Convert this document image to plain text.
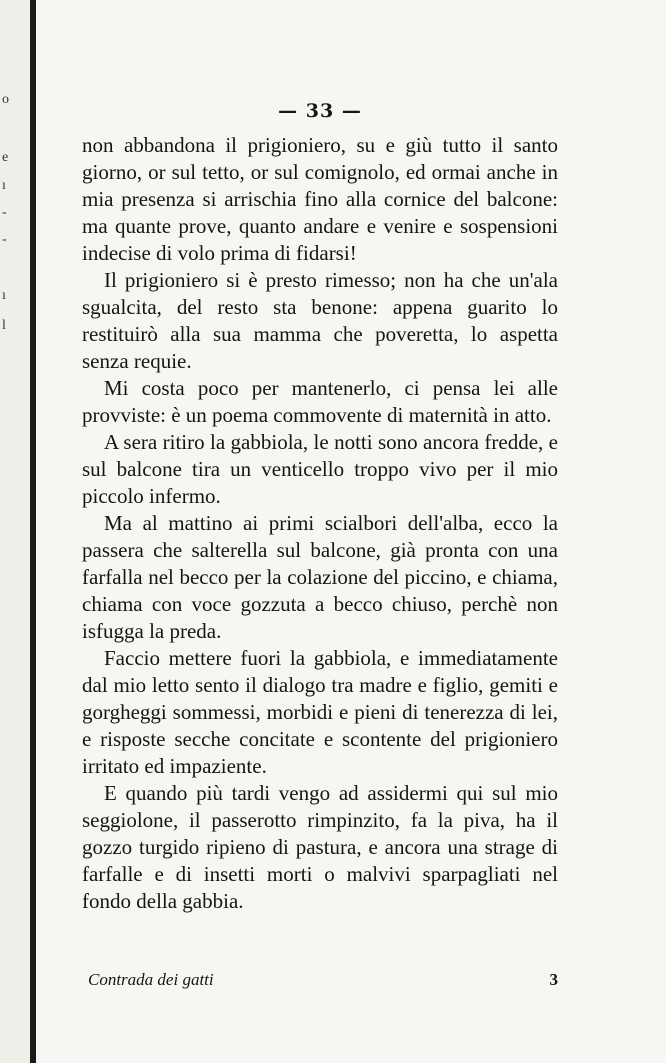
o
e
ı
-
-
ı
l
— 33 —

non abbandona il prigioniero, su e giù tutto il santo giorno, or sul tetto, or sul comignolo, ed ormai anche in mia presenza si arrischia fino alla cornice del balcone: ma quante prove, quanto andare e venire e sospensioni indecise di volo prima di fidarsi!

Il prigioniero si è presto rimesso; non ha che un'ala sgualcita, del resto sta benone: appena guarito lo restituirò alla sua mamma che poveretta, lo aspetta senza requie.

Mi costa poco per mantenerlo, ci pensa lei alle provviste: è un poema commovente di maternità in atto.

A sera ritiro la gabbiola, le notti sono ancora fredde, e sul balcone tira un venticello troppo vivo per il mio piccolo infermo.

Ma al mattino ai primi scialbori dell'alba, ecco la passera che salterella sul balcone, già pronta con una farfalla nel becco per la colazione del piccino, e chiama, chiama con voce gozzuta a becco chiuso, perchè non isfugga la preda.

Faccio mettere fuori la gabbiola, e immediatamente dal mio letto sento il dialogo tra madre e figlio, gemiti e gorgheggi sommessi, morbidi e pieni di tenerezza di lei, e risposte secche concitate e scontente del prigioniero irritato ed impaziente.

E quando più tardi vengo ad assidermi qui sul mio seggiolone, il passerotto rimpinzito, fa la piva, ha il gozzo turgido ripieno di pastura, e ancora una strage di farfalle e di insetti morti o malvivi sparpagliati nel fondo della gabbia.

Contrada dei gatti	3
